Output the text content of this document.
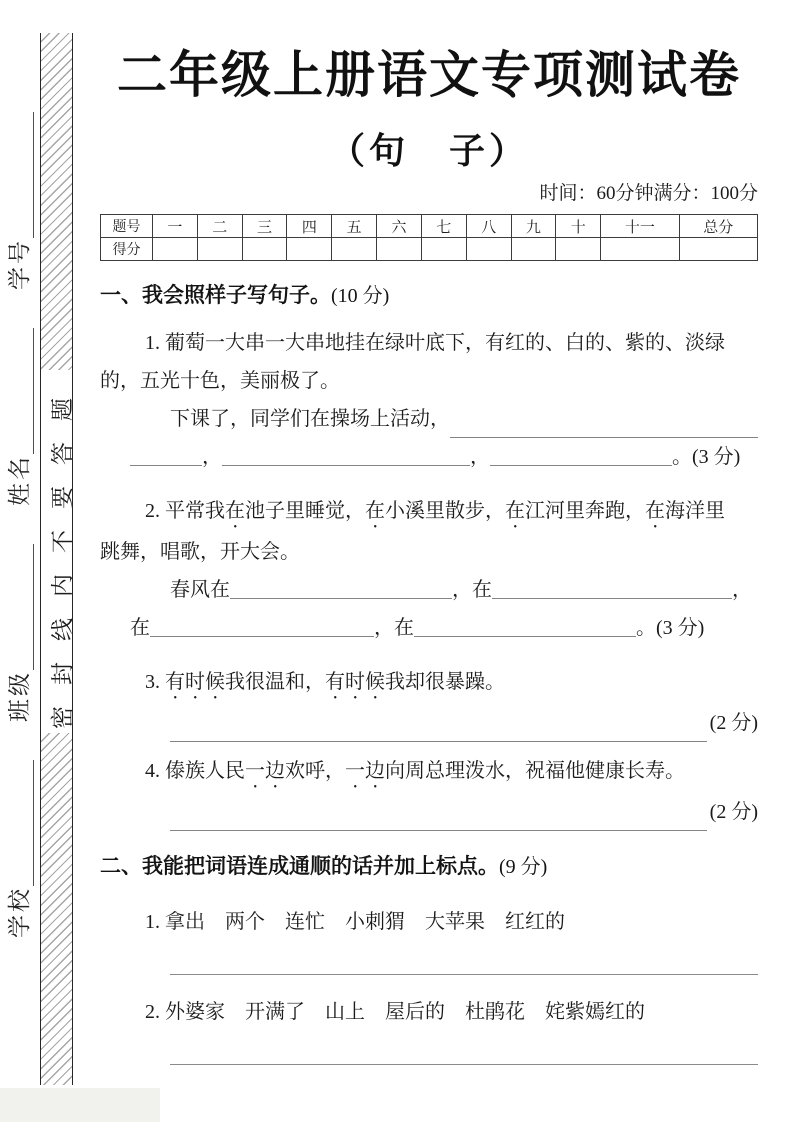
学校
班级
姓名
学号
密封线内不要答题
二年级上册语文专项测试卷
（句　子）
时间：60分钟满分：100分
题号	一	二	三	四	五	六	七	八	九	十	十一	总分
得分												
一、我会照样子写句子。(10 分)
1. 葡萄一大串一大串地挂在绿叶底下，有红的、白的、紫的、淡绿
的，五光十色，美丽极了。
下课了，同学们在操场上活动，
，	，	。(3 分)
2. 平常我在池子里睡觉，在小溪里散步，在江河里奔跑，在海洋里
跳舞，唱歌，开大会。
春风在	，在	，
在	，在	。(3 分)
3. 有时候我很温和，有时候我却很暴躁。
(2 分)
4. 傣族人民一边欢呼，一边向周总理泼水，祝福他健康长寿。
(2 分)
二、我能把词语连成通顺的话并加上标点。(9 分)
1. 拿出　两个　连忙　小刺猬　大苹果　红红的
2. 外婆家　开满了　山上　屋后的　杜鹃花　姹紫嫣红的
